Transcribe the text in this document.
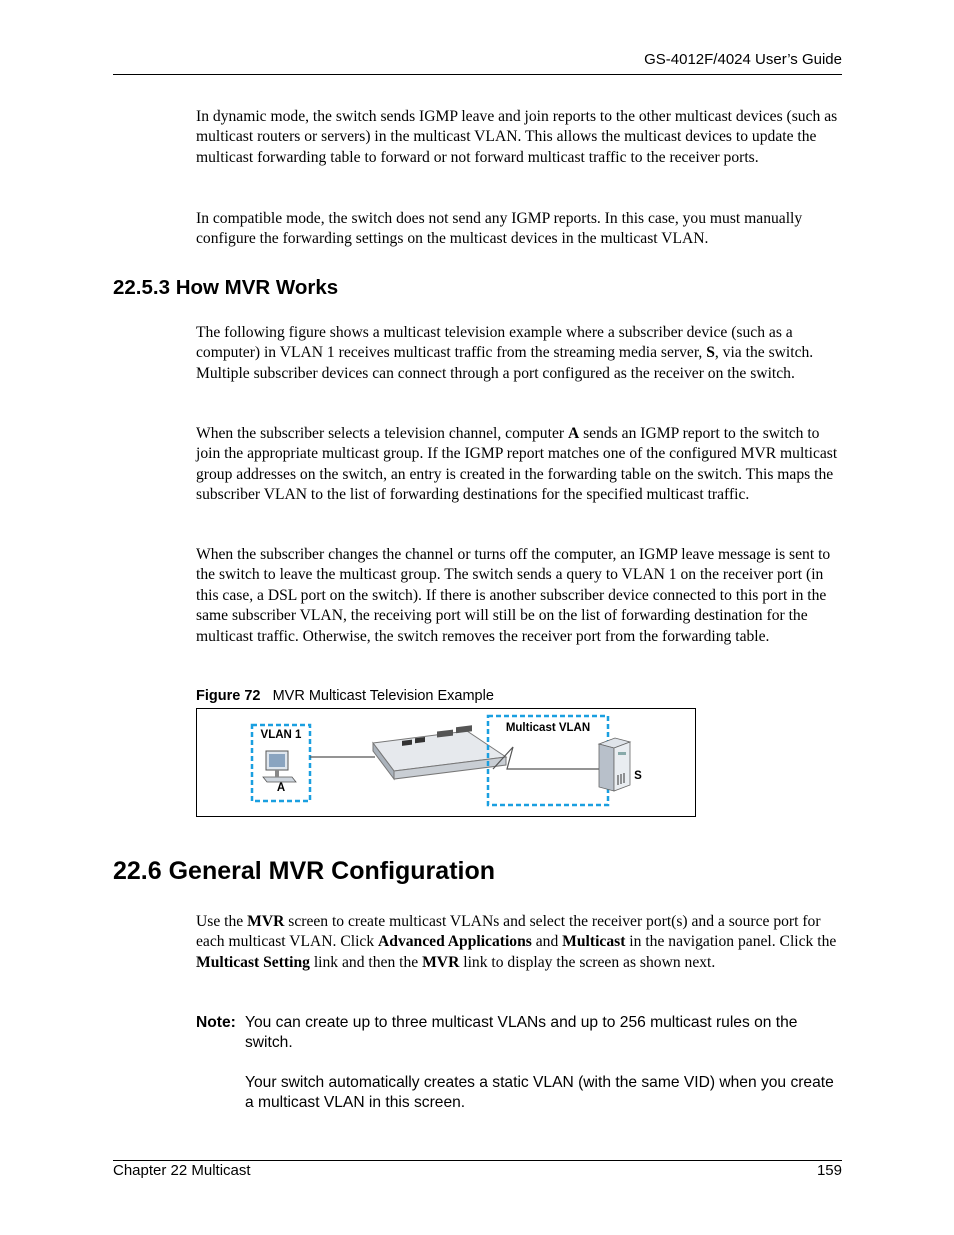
GS-4012F/4024 User’s Guide

In dynamic mode, the switch sends IGMP leave and join reports to the other multicast devices (such as multicast routers or servers) in the multicast VLAN. This allows the multicast devices to update the multicast forwarding table to forward or not forward multicast traffic to the receiver ports.

In compatible mode, the switch does not send any IGMP reports. In this case, you must manually configure the forwarding settings on the multicast devices in the multicast VLAN.

22.5.3 How MVR Works

The following figure shows a multicast television example where a subscriber device (such as a computer) in VLAN 1 receives multicast traffic from the streaming media server, S, via the switch. Multiple subscriber devices can connect through a port configured as the receiver on the switch.

When the subscriber selects a television channel, computer A sends an IGMP report to the switch to join the appropriate multicast group. If the IGMP report matches one of the configured MVR multicast group addresses on the switch, an entry is created in the forwarding table on the switch. This maps the subscriber VLAN to the list of forwarding destinations for the specified multicast traffic.

When the subscriber changes the channel or turns off the computer, an IGMP leave message is sent to the switch to leave the multicast group. The switch sends a query to VLAN 1 on the receiver port (in this case, a DSL port on the switch). If there is another subscriber device connected to this port in the same subscriber VLAN, the receiving port will still be on the list of forwarding destination for the multicast traffic. Otherwise, the switch removes the receiver port from the forwarding table.

Figure 72 MVR Multicast Television Example
VLAN 1
A
Multicast VLAN
S
22.6 General MVR Configuration

Use the MVR screen to create multicast VLANs and select the receiver port(s) and a source port for each multicast VLAN. Click Advanced Applications and Multicast in the navigation panel. Click the Multicast Setting link and then the MVR link to display the screen as shown next.

Note: You can create up to three multicast VLANs and up to 256 multicast rules on the switch.

Your switch automatically creates a static VLAN (with the same VID) when you create a multicast VLAN in this screen.

Chapter 22 Multicast	159
